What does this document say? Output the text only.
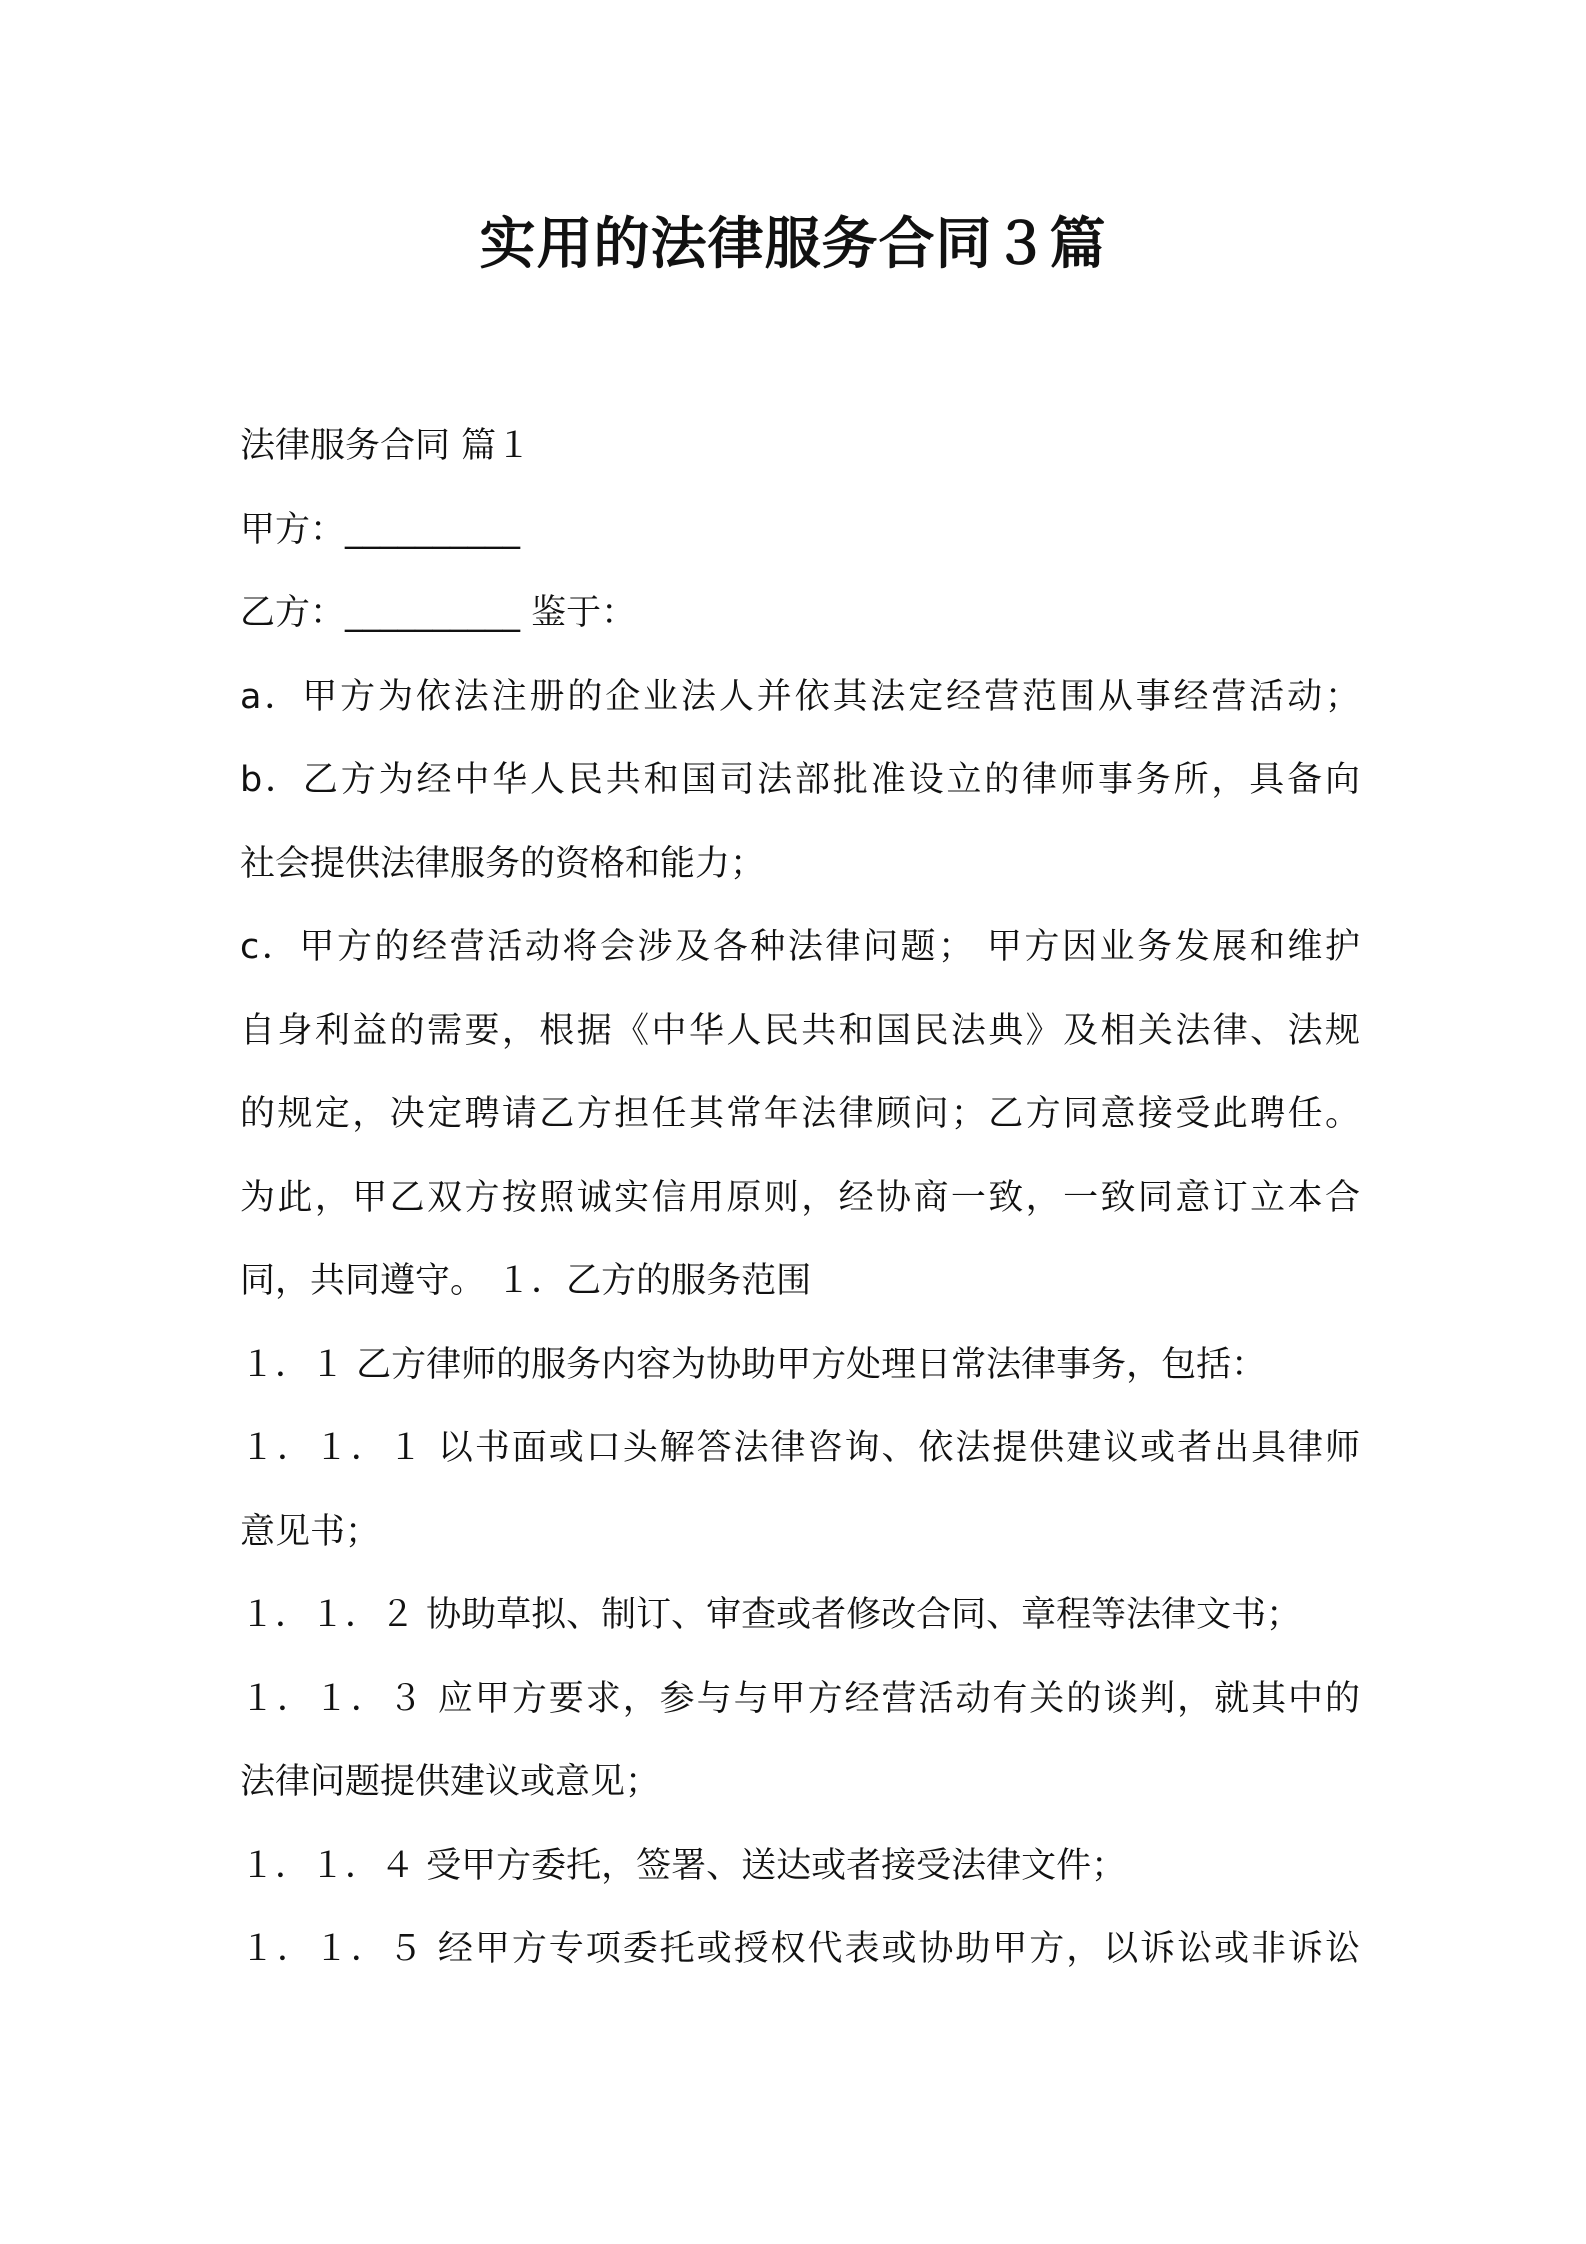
实用的法律服务合同３篇
法律服务合同 篇１
甲方：__________
乙方：__________ 鉴于：
a．甲方为依法注册的企业法人并依其法定经营范围从事经营活动；
b．乙方为经中华人民共和国司法部批准设立的律师事务所，具备向
社会提供法律服务的资格和能力；
c．甲方的经营活动将会涉及各种法律问题； 甲方因业务发展和维护
自身利益的需要，根据《中华人民共和国民法典》及相关法律、法规
的规定，决定聘请乙方担任其常年法律顾问；乙方同意接受此聘任。
为此，甲乙双方按照诚实信用原则，经协商一致，一致同意订立本合
同，共同遵守。 １．乙方的服务范围
１．１ 乙方律师的服务内容为协助甲方处理日常法律事务，包括：
１．１．１ 以书面或口头解答法律咨询、依法提供建议或者出具律师
意见书；
１．１．２ 协助草拟、制订、审查或者修改合同、章程等法律文书；
１．１．３ 应甲方要求，参与与甲方经营活动有关的谈判，就其中的
法律问题提供建议或意见；
１．１．４ 受甲方委托，签署、送达或者接受法律文件；
１．１．５ 经甲方专项委托或授权代表或协助甲方，以诉讼或非诉讼
